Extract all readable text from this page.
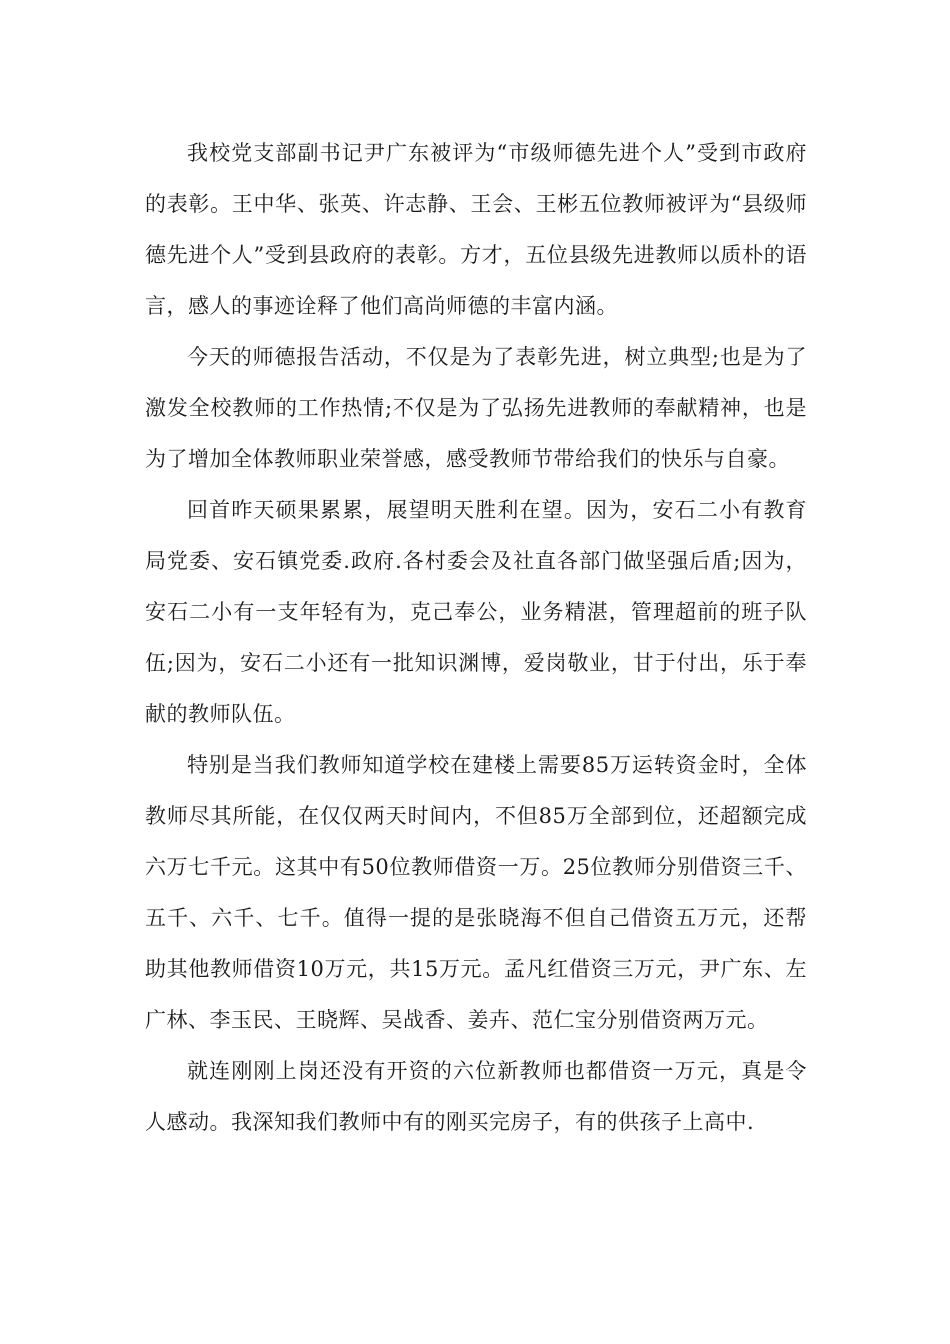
我校党支部副书记尹广东被评为“市级师德先进个人”受到市政府的表彰。王中华、张英、许志静、王会、王彬五位教师被评为“县级师德先进个人”受到县政府的表彰。方才，五位县级先进教师以质朴的语言，感人的事迹诠释了他们高尚师德的丰富内涵。

今天的师德报告活动，不仅是为了表彰先进，树立典型;也是为了激发全校教师的工作热情;不仅是为了弘扬先进教师的奉献精神，也是为了增加全体教师职业荣誉感，感受教师节带给我们的快乐与自豪。

回首昨天硕果累累，展望明天胜利在望。因为，安石二小有教育局党委、安石镇党委.政府.各村委会及社直各部门做坚强后盾;因为，安石二小有一支年轻有为，克己奉公，业务精湛，管理超前的班子队伍;因为，安石二小还有一批知识渊博，爱岗敬业，甘于付出，乐于奉献的教师队伍。

特别是当我们教师知道学校在建楼上需要85万运转资金时，全体教师尽其所能，在仅仅两天时间内，不但85万全部到位，还超额完成六万七千元。这其中有50位教师借资一万。25位教师分别借资三千、五千、六千、七千。值得一提的是张晓海不但自己借资五万元，还帮助其他教师借资10万元，共15万元。孟凡红借资三万元，尹广东、左广林、李玉民、王晓辉、吴战香、姜卉、范仁宝分别借资两万元。

就连刚刚上岗还没有开资的六位新教师也都借资一万元，真是令人感动。我深知我们教师中有的刚买完房子，有的供孩子上高中.
